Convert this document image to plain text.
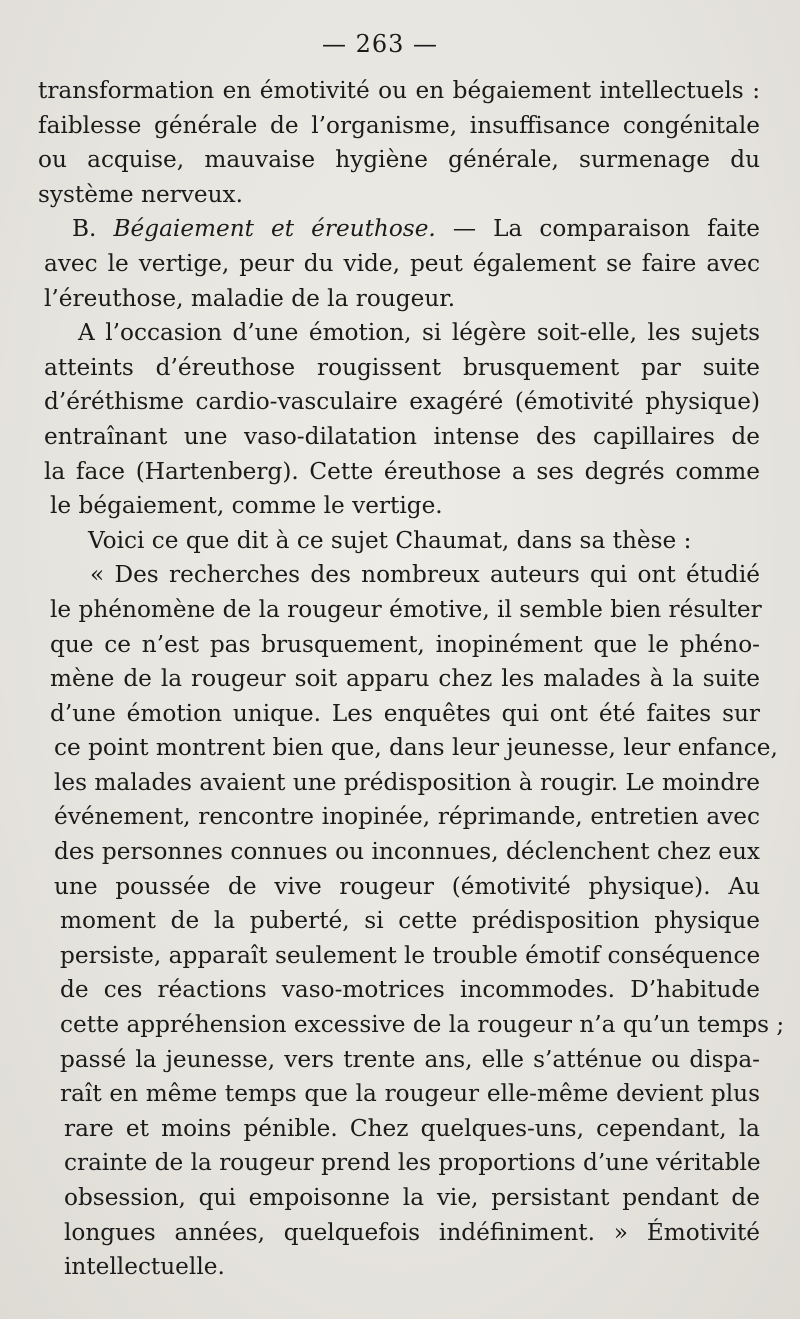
— 263 —
transformation en émotivité ou en bégaiement intellectuels :
faiblesse générale de l’organisme, insuffisance congénitale
ou acquise, mauvaise hygiène générale, surmenage du
système nerveux.
B. Bégaiement et éreuthose. — La comparaison faite
avec le vertige, peur du vide, peut également se faire avec
l’éreuthose, maladie de la rougeur.
A l’occasion d’une émotion, si légère soit-elle, les sujets
atteints d’éreuthose rougissent brusquement par suite
d’éréthisme cardio-vasculaire exagéré (émotivité physique)
entraînant une vaso-dilatation intense des capillaires de
la face (Hartenberg). Cette éreuthose a ses degrés comme
le bégaiement, comme le vertige.
Voici ce que dit à ce sujet Chaumat, dans sa thèse :
« Des recherches des nombreux auteurs qui ont étudié
le phénomène de la rougeur émotive, il semble bien résulter
que ce n’est pas brusquement, inopinément que le phéno-
mène de la rougeur soit apparu chez les malades à la suite
d’une émotion unique. Les enquêtes qui ont été faites sur
ce point montrent bien que, dans leur jeunesse, leur enfance,
les malades avaient une prédisposition à rougir. Le moindre
événement, rencontre inopinée, réprimande, entretien avec
des personnes connues ou inconnues, déclenchent chez eux
une poussée de vive rougeur (émotivité physique). Au
moment de la puberté, si cette prédisposition physique
persiste, apparaît seulement le trouble émotif conséquence
de ces réactions vaso-motrices incommodes. D’habitude
cette appréhension excessive de la rougeur n’a qu’un temps ;
passé la jeunesse, vers trente ans, elle s’atténue ou dispa-
raît en même temps que la rougeur elle-même devient plus
rare et moins pénible. Chez quelques-uns, cependant, la
crainte de la rougeur prend les proportions d’une véritable
obsession, qui empoisonne la vie, persistant pendant de
longues années, quelquefois indéfiniment. » Émotivité
intellectuelle.
